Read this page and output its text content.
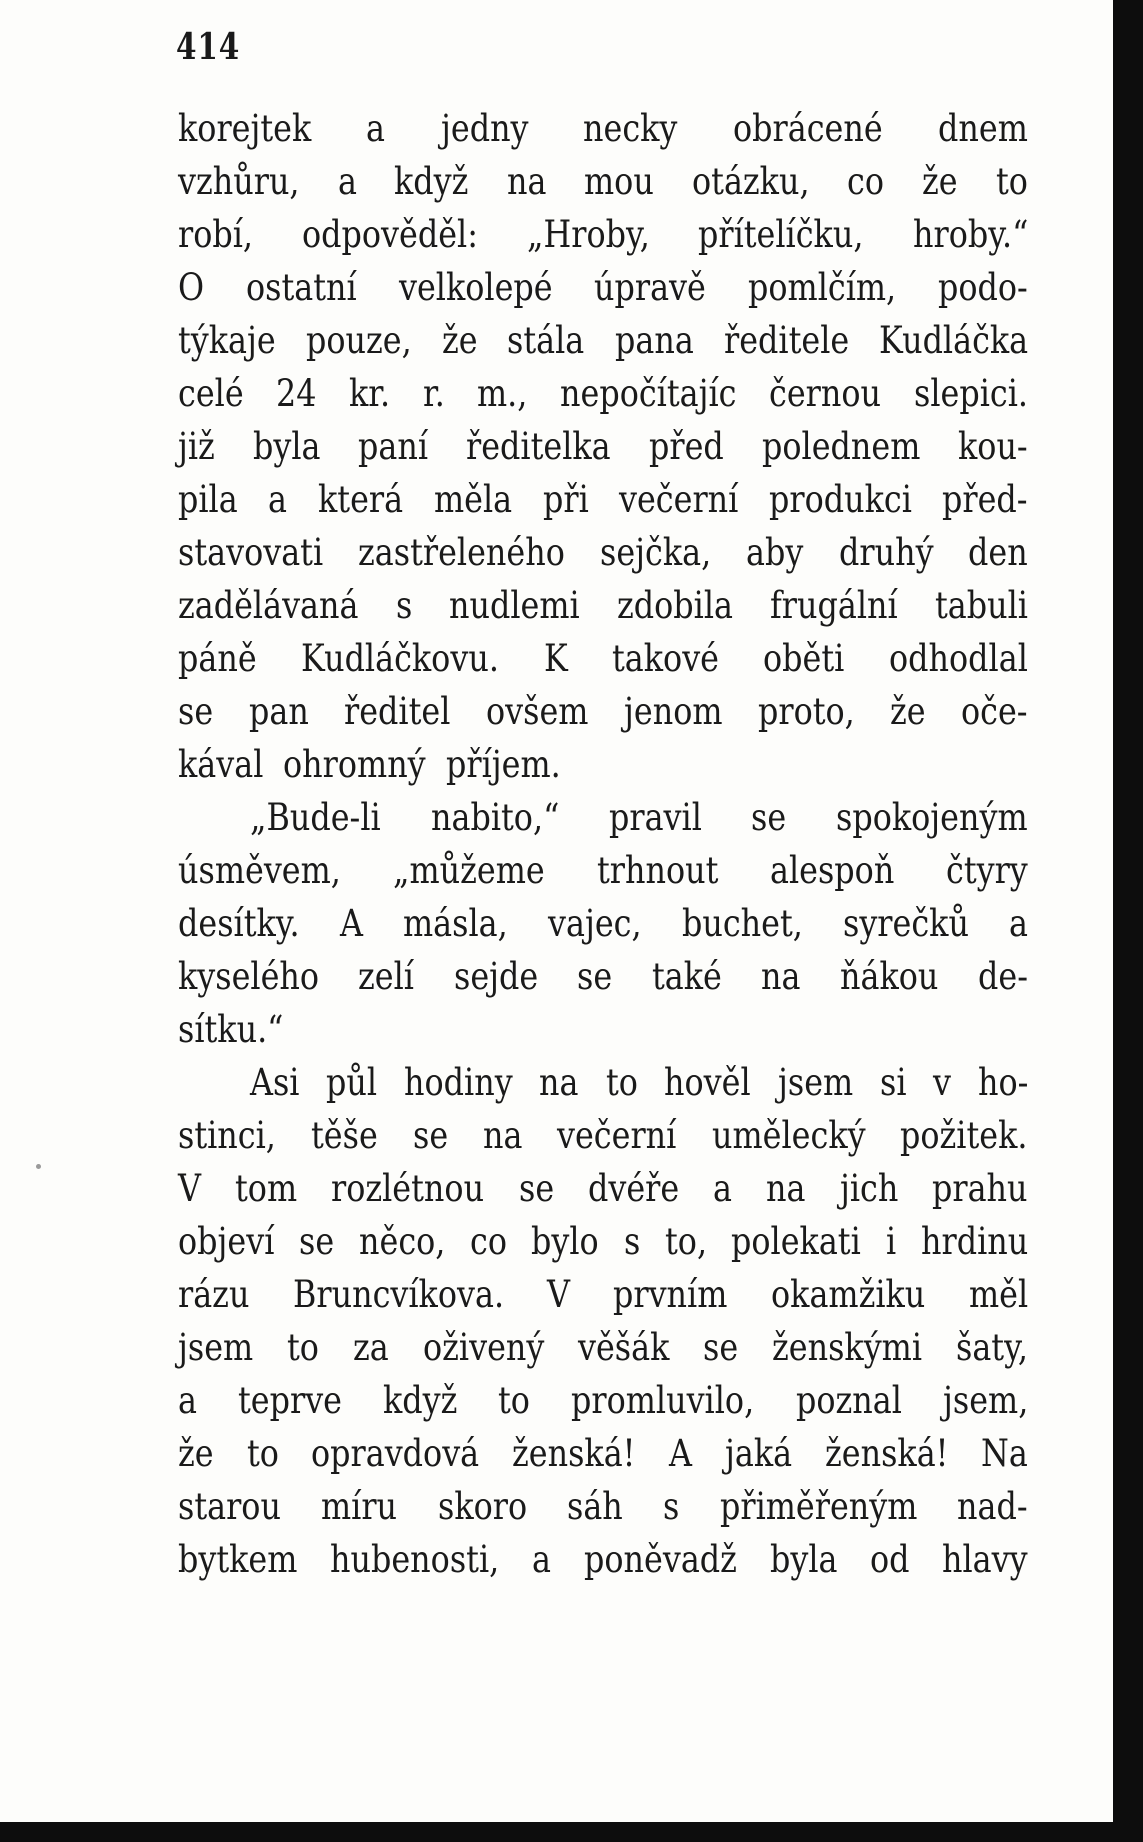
414
korejtek a jedny necky obrácené dnem
vzhůru, a když na mou otázku, co že to
robí, odpověděl: „Hroby, přítelíčku, hroby.“
O ostatní velkolepé úpravě pomlčím, podo-
týkaje pouze, že stála pana ředitele Kudláčka
celé 24 kr. r. m., nepočítajíc černou slepici.
již byla paní ředitelka před polednem kou-
pila a která měla při večerní produkci před-
stavovati zastřeleného sejčka, aby druhý den
zadělávaná s nudlemi zdobila frugální tabuli
páně Kudláčkovu. K takové oběti odhodlal
se pan ředitel ovšem jenom proto, že oče-
kával ohromný příjem.
„Bude-li nabito,“ pravil se spokojeným
úsměvem, „můžeme trhnout alespoň čtyry
desítky. A másla, vajec, buchet, syrečků a
kyselého zelí sejde se také na ňákou de-
sítku.“
Asi půl hodiny na to hověl jsem si v ho-
stinci, těše se na večerní umělecký požitek.
V tom rozlétnou se dvéře a na jich prahu
objeví se něco, co bylo s to, polekati i hrdinu
rázu Bruncvíkova. V prvním okamžiku měl
jsem to za oživený věšák se ženskými šaty,
a teprve když to promluvilo, poznal jsem,
že to opravdová ženská! A jaká ženská! Na
starou míru skoro sáh s přiměřeným nad-
bytkem hubenosti, a poněvadž byla od hlavy
